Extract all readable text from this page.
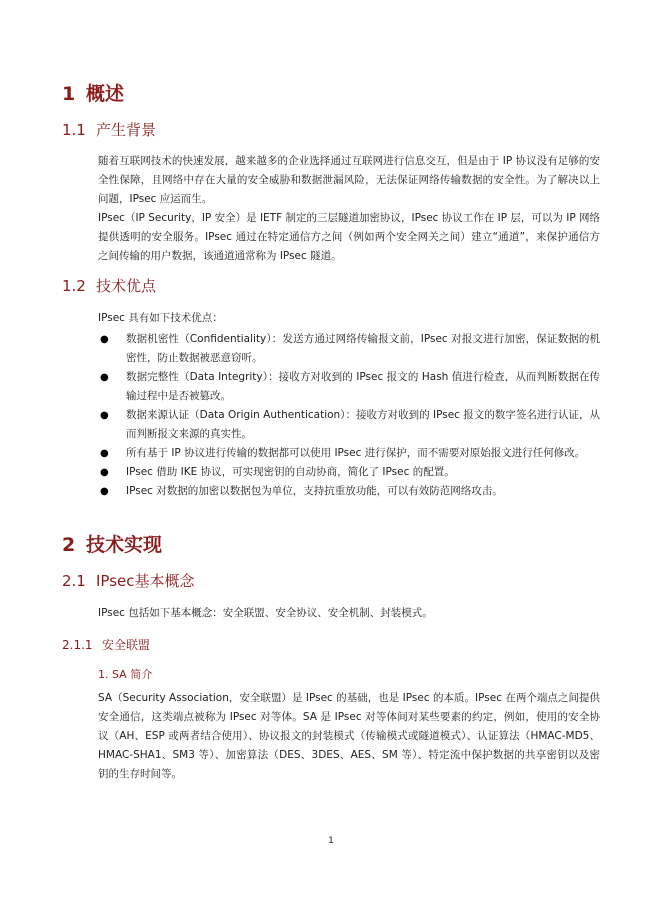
1 概述
1.1 产生背景
随着互联网技术的快速发展，越来越多的企业选择通过互联网进行信息交互，但是由于 IP 协议没有足够的安全性保障，且网络中存在大量的安全威胁和数据泄漏风险，无法保证网络传输数据的安全性。为了解决以上问题，IPsec 应运而生。
IPsec（IP Security，IP 安全）是 IETF 制定的三层隧道加密协议，IPsec 协议工作在 IP 层，可以为 IP 网络提供透明的安全服务。IPsec 通过在特定通信方之间（例如两个安全网关之间）建立“通道”，来保护通信方之间传输的用户数据，该通道通常称为 IPsec 隧道。
1.2 技术优点
IPsec 具有如下技术优点：
● 数据机密性（Confidentiality）：发送方通过网络传输报文前，IPsec 对报文进行加密，保证数据的机密性，防止数据被恶意窃听。
● 数据完整性（Data Integrity）：接收方对收到的 IPsec 报文的 Hash 值进行检查，从而判断数据在传输过程中是否被篡改。
● 数据来源认证（Data Origin Authentication）：接收方对收到的 IPsec 报文的数字签名进行认证，从而判断报文来源的真实性。
● 所有基于 IP 协议进行传输的数据都可以使用 IPsec 进行保护，而不需要对原始报文进行任何修改。
● IPsec 借助 IKE 协议，可实现密钥的自动协商，简化了 IPsec 的配置。
● IPsec 对数据的加密以数据包为单位，支持抗重放功能，可以有效防范网络攻击。
2 技术实现
2.1 IPsec基本概念
IPsec 包括如下基本概念：安全联盟、安全协议、安全机制、封装模式。
2.1.1 安全联盟
1. SA 简介
SA（Security Association，安全联盟）是 IPsec 的基础，也是 IPsec 的本质。IPsec 在两个端点之间提供安全通信，这类端点被称为 IPsec 对等体。SA 是 IPsec 对等体间对某些要素的约定，例如，使用的安全协议（AH、ESP 或两者结合使用）、协议报文的封装模式（传输模式或隧道模式）、认证算法（HMAC-MD5、HMAC-SHA1、SM3 等）、加密算法（DES、3DES、AES、SM 等）、特定流中保护数据的共享密钥以及密钥的生存时间等。
1
